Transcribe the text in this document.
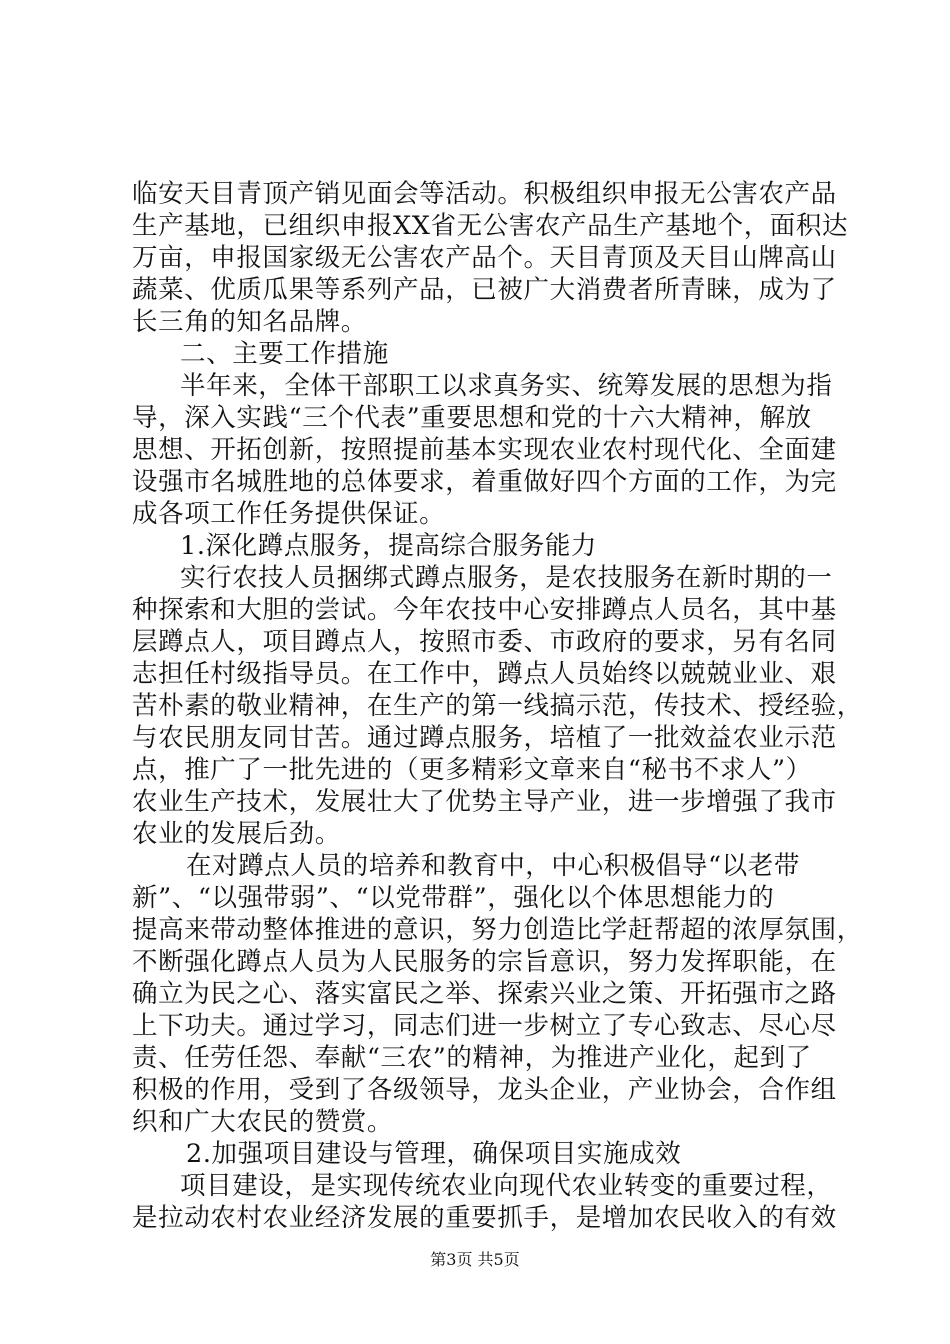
临安天目青顶产销见面会等活动。积极组织申报无公害农产品
生产基地，已组织申报XX省无公害农产品生产基地个，面积达
万亩，申报国家级无公害农产品个。天目青顶及天目山牌高山
蔬菜、优质瓜果等系列产品，已被广大消费者所青睐，成为了
长三角的知名品牌。
二、主要工作措施
半年来，全体干部职工以求真务实、统筹发展的思想为指
导，深入实践“三个代表”重要思想和党的十六大精神，解放
思想、开拓创新，按照提前基本实现农业农村现代化、全面建
设强市名城胜地的总体要求，着重做好四个方面的工作，为完
成各项工作任务提供保证。
1.深化蹲点服务，提高综合服务能力
实行农技人员捆绑式蹲点服务，是农技服务在新时期的一
种探索和大胆的尝试。今年农技中心安排蹲点人员名，其中基
层蹲点人，项目蹲点人，按照市委、市政府的要求，另有名同
志担任村级指导员。在工作中，蹲点人员始终以兢兢业业、艰
苦朴素的敬业精神，在生产的第一线搞示范，传技术、授经验，
与农民朋友同甘苦。通过蹲点服务，培植了一批效益农业示范
点，推广了一批先进的（更多精彩文章来自“秘书不求人”）
农业生产技术，发展壮大了优势主导产业，进一步增强了我市
农业的发展后劲。
在对蹲点人员的培养和教育中，中心积极倡导“以老带
新”、“以强带弱”、“以党带群”，强化以个体思想能力的
提高来带动整体推进的意识，努力创造比学赶帮超的浓厚氛围，
不断强化蹲点人员为人民服务的宗旨意识，努力发挥职能，在
确立为民之心、落实富民之举、探索兴业之策、开拓强市之路
上下功夫。通过学习，同志们进一步树立了专心致志、尽心尽
责、任劳任怨、奉献“三农”的精神，为推进产业化，起到了
积极的作用，受到了各级领导，龙头企业，产业协会，合作组
织和广大农民的赞赏。
2.加强项目建设与管理，确保项目实施成效
项目建设，是实现传统农业向现代农业转变的重要过程，
是拉动农村农业经济发展的重要抓手，是增加农民收入的有效
第3页 共5页
